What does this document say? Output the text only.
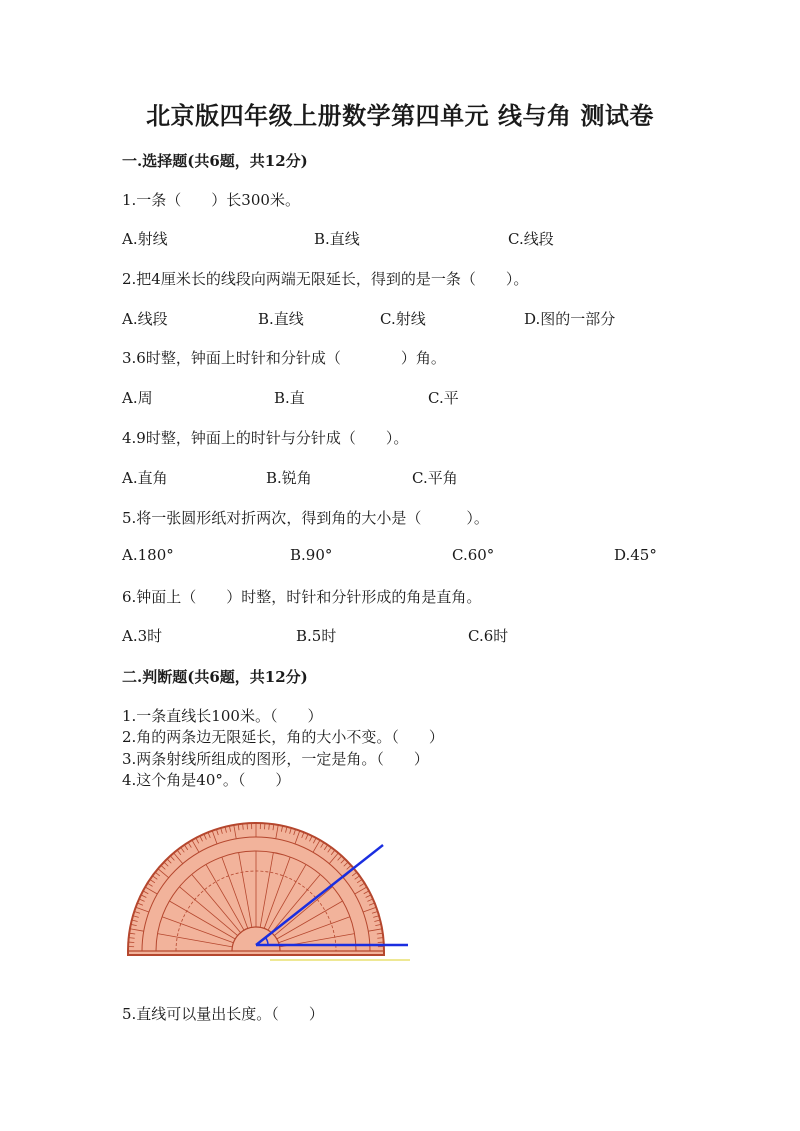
北京版四年级上册数学第四单元 线与角 测试卷
一.选择题(共6题，共12分)
1.一条（　　）长300米。
A.射线	B.直线	C.线段
2.把4厘米长的线段向两端无限延长，得到的是一条（　　）。
A.线段	B.直线	C.射线	D.图的一部分
3.6时整，钟面上时针和分针成（　　　　）角。
A.周	B.直	C.平
4.9时整，钟面上的时针与分针成（　　）。
A.直角	B.锐角	C.平角
5.将一张圆形纸对折两次，得到角的大小是（　　　）。
A.180°	B.90°	C.60°	D.45°
6.钟面上（　　）时整，时针和分针形成的角是直角。
A.3时	B.5时	C.6时
二.判断题(共6题，共12分)
1.一条直线长100米。（　　）
2.角的两条边无限延长，角的大小不变。（　　）
3.两条射线所组成的图形，一定是角。（　　）
4.这个角是40°。（　　）
5.直线可以量出长度。（　　）
